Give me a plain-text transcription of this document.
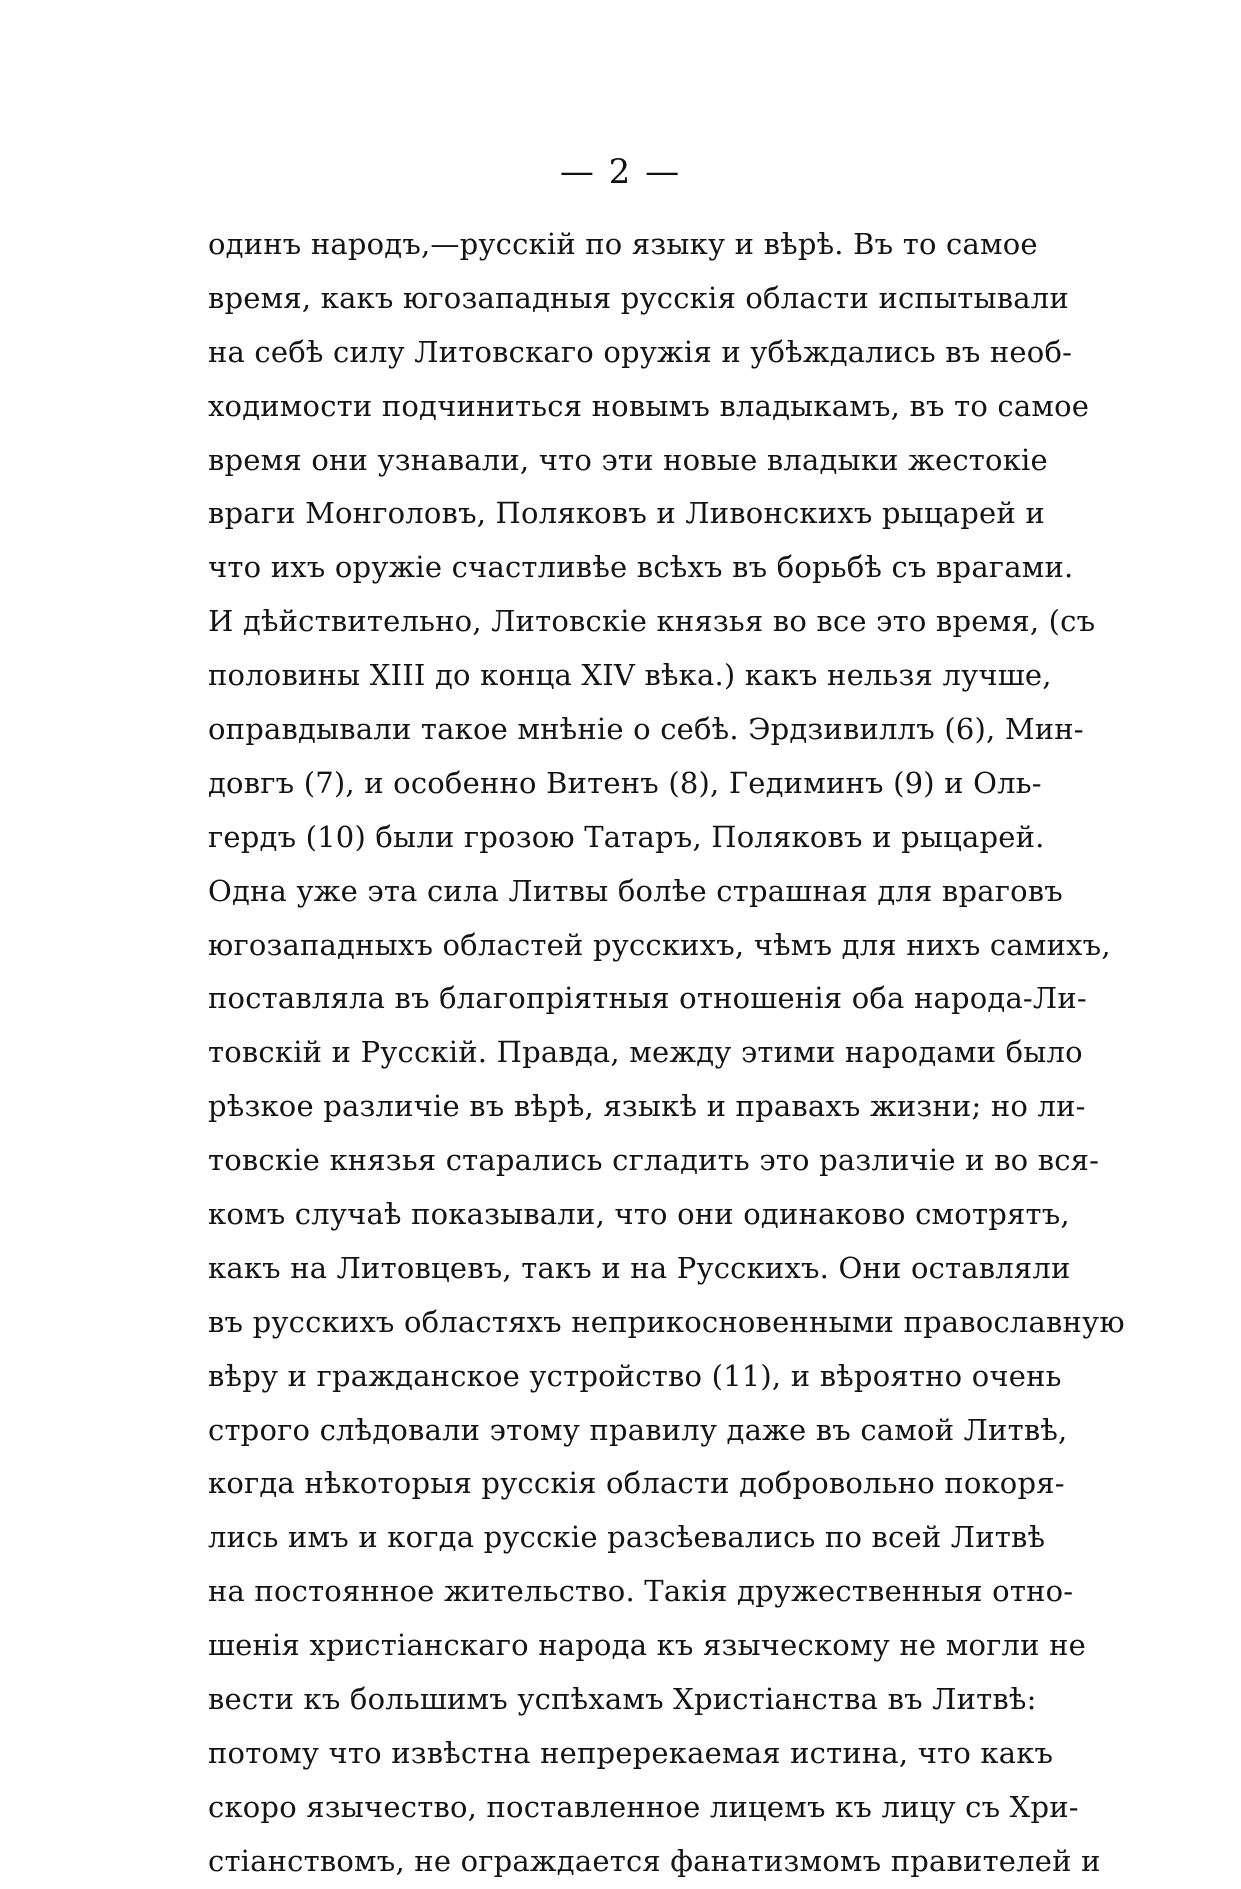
— 2 —
одинъ народъ,—русскій по языку и вѣрѣ. Въ то самое
время, какъ югозападныя русскія области испытывали
на себѣ силу Литовскаго оружія и убѣждались въ необ-
ходимости подчиниться новымъ владыкамъ, въ то самое
время они узнавали, что эти новые владыки жестокіе
враги Монголовъ, Поляковъ и Ливонскихъ рыцарей и
что ихъ оружіе счастливѣе всѣхъ въ борьбѣ съ врагами.
И дѣйствительно, Литовскіе князья во все это время, (съ
половины XIII до конца XIV вѣка.) какъ нельзя лучше,
оправдывали такое мнѣніе о себѣ. Эрдзивиллъ (6), Мин-
довгъ (7), и особенно Витенъ (8), Гедиминъ (9) и Оль-
гердъ (10) были грозою Татаръ, Поляковъ и рыцарей.
Одна уже эта сила Литвы болѣе страшная для враговъ
югозападныхъ областей русскихъ, чѣмъ для нихъ самихъ,
поставляла въ благопріятныя отношенія оба народа-Ли-
товскій и Русскій. Правда, между этими народами было
рѣзкое различіе въ вѣрѣ, языкѣ и правахъ жизни; но ли-
товскіе князья старались сгладить это различіе и во вся-
комъ случаѣ показывали, что они одинаково смотрятъ,
какъ на Литовцевъ, такъ и на Русскихъ. Они оставляли
въ русскихъ областяхъ неприкосновенными православную
вѣру и гражданское устройство (11), и вѣроятно очень
строго слѣдовали этому правилу даже въ самой Литвѣ,
когда нѣкоторыя русскія области добровольно покоря-
лись имъ и когда русскіе разсѣевались по всей Литвѣ
на постоянное жительство. Такія дружественныя отно-
шенія христіанскаго народа къ языческому не могли не
вести къ большимъ успѣхамъ Христіанства въ Литвѣ:
потому что извѣстна непререкаемая истина, что какъ
скоро язычество, поставленное лицемъ къ лицу съ Хри-
стіанствомъ, не ограждается фанатизмомъ правителей и
